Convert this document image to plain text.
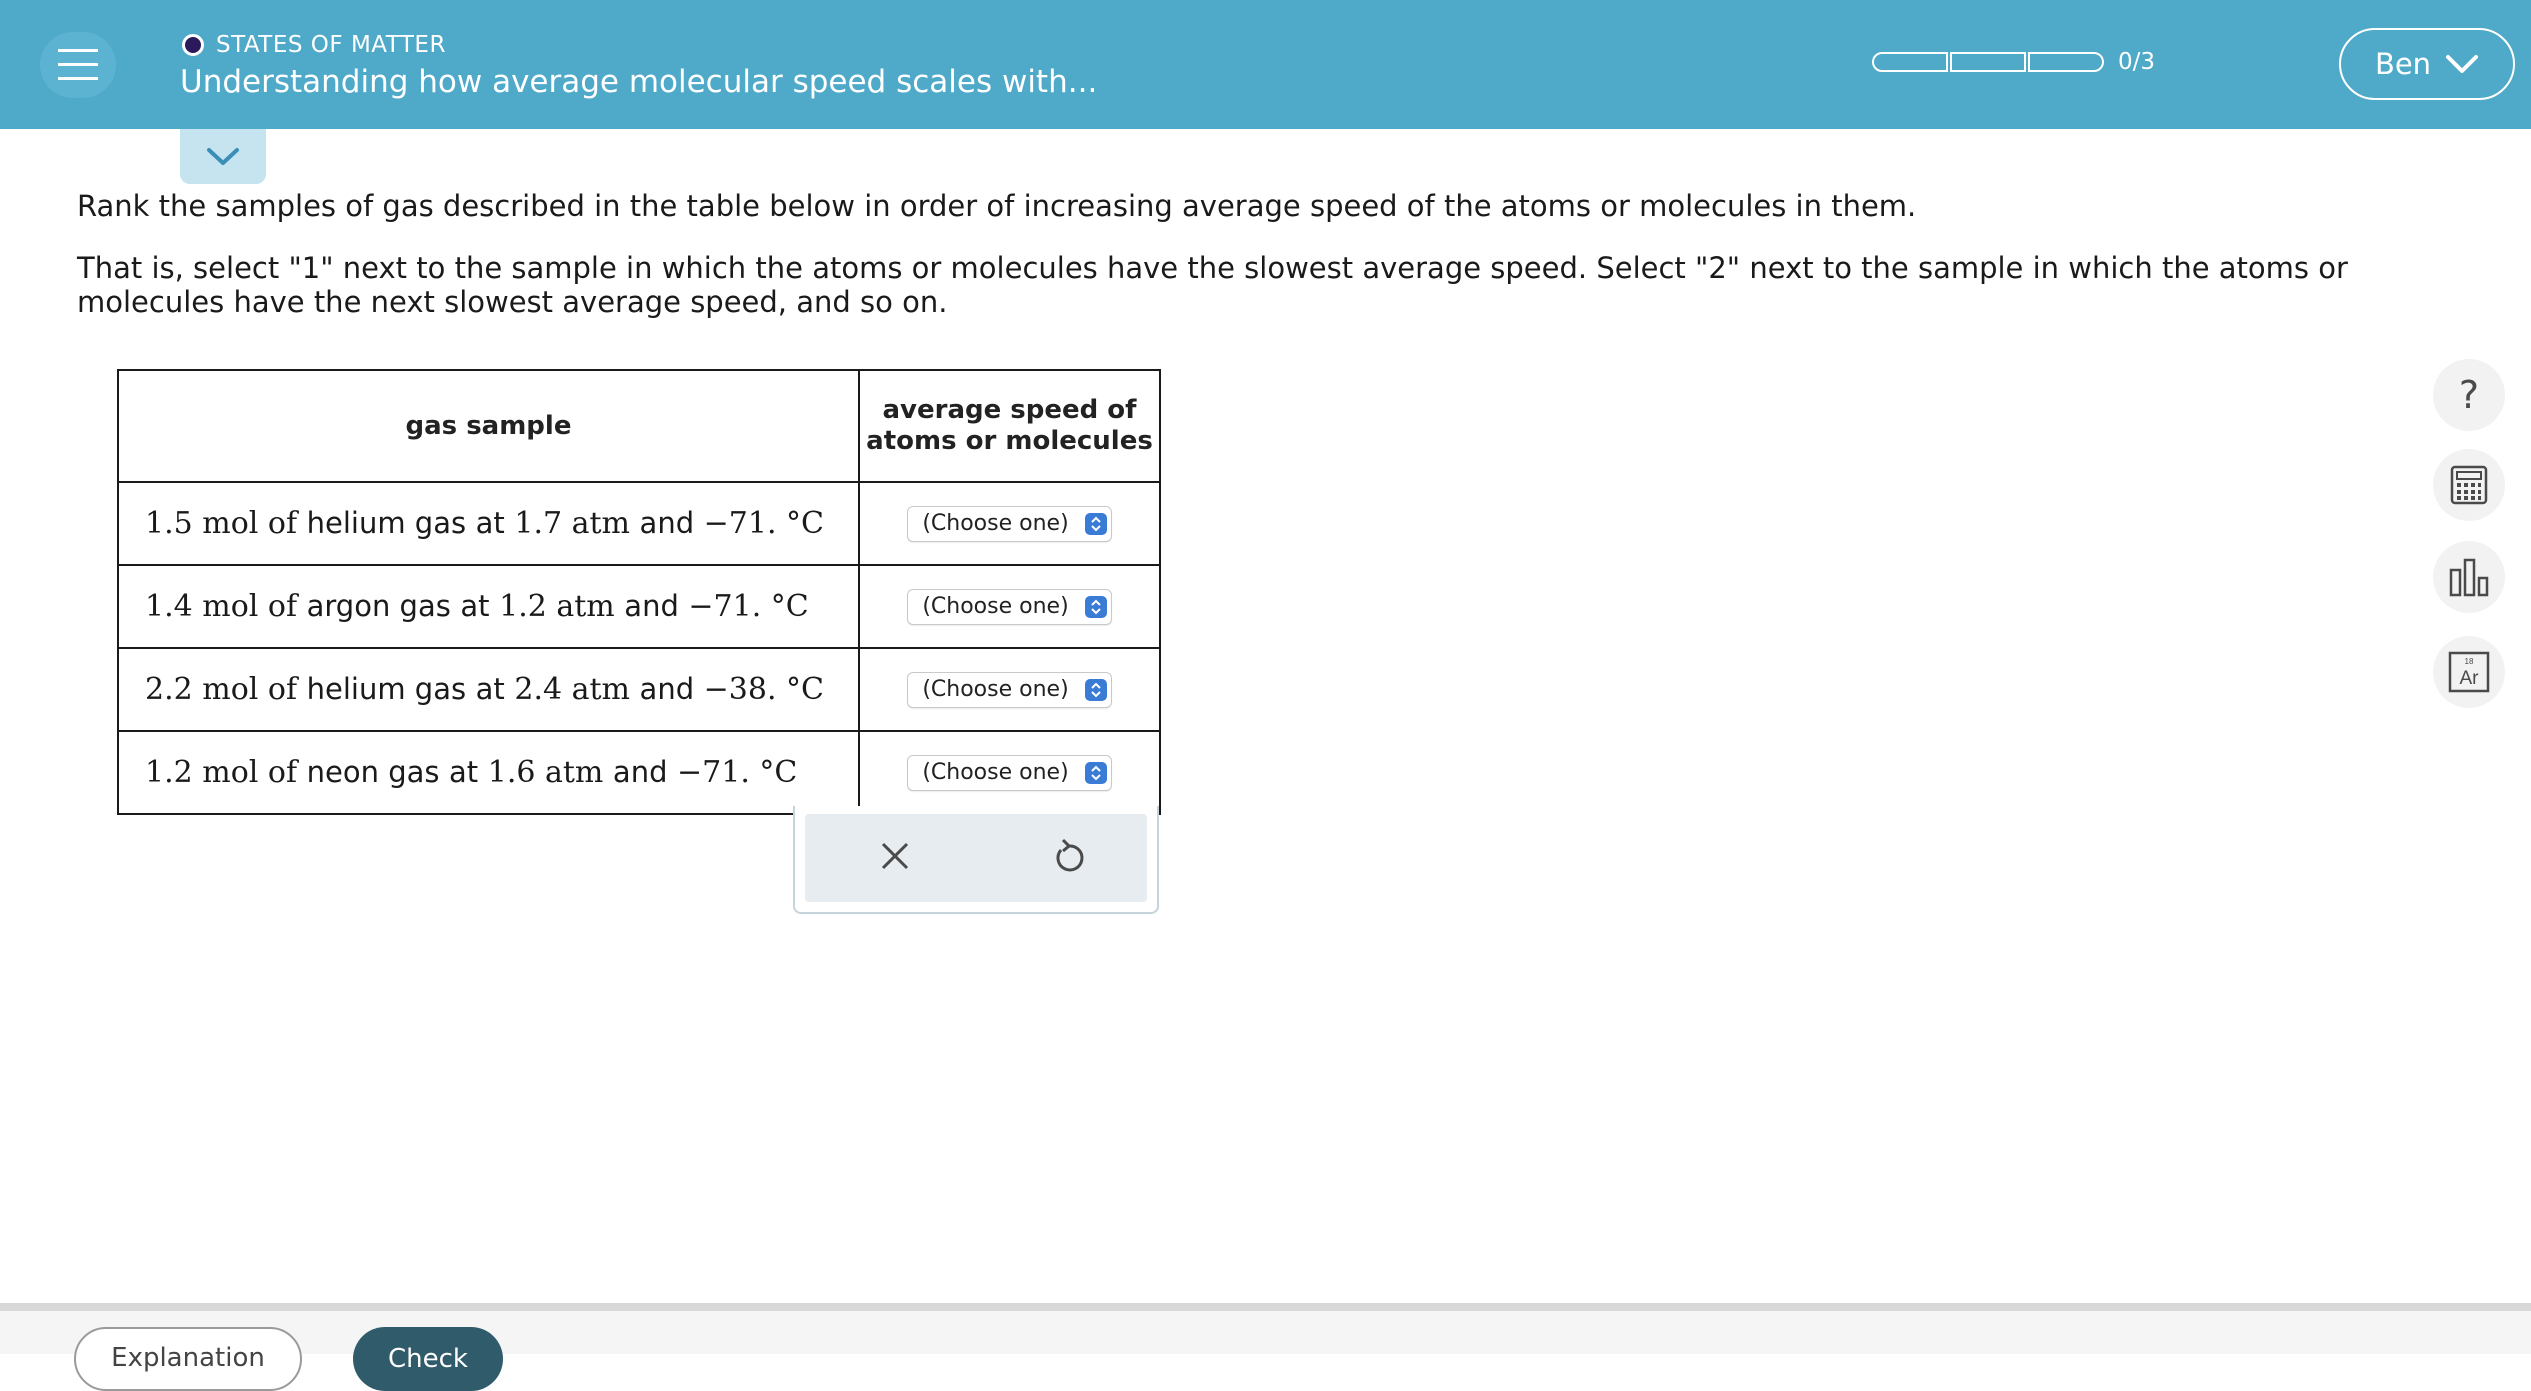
STATES OF MATTER
Understanding how average molecular speed scales with...
0/3	Ben
Rank the samples of gas described in the table below in order of increasing average speed of the atoms or molecules in them.
That is, select "1" next to the sample in which the atoms or molecules have the slowest average speed. Select "2" next to the sample in which the atoms or molecules have the next slowest average speed, and so on.
gas sample	average speed of
atoms or molecules
1.5 mol of helium gas at 1.7 atm and −71. °C	(Choose one)

1.4 mol of argon gas at 1.2 atm and −71. °C	(Choose one)

2.2 mol of helium gas at 2.4 atm and −38. °C	(Choose one)

1.2 mol of neon gas at 1.6 atm and −71. °C	(Choose one)
?
18
Ar
Explanation	Check
